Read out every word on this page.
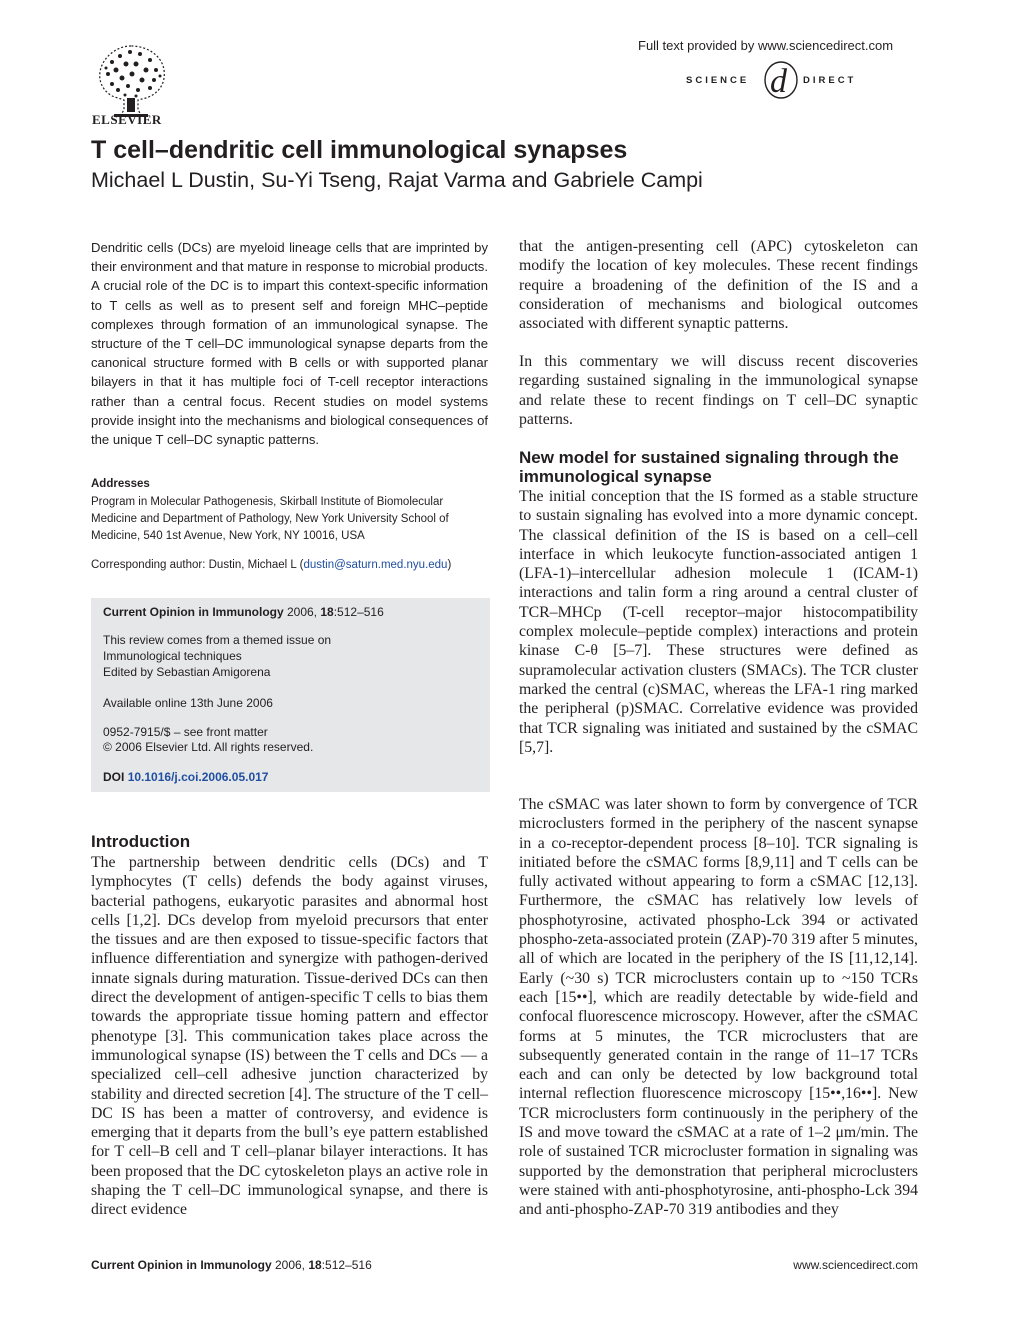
ELSEVIER
Full text provided by www.sciencedirect.com
SCIENCE d DIRECT
T cell–dendritic cell immunological synapses
Michael L Dustin, Su-Yi Tseng, Rajat Varma and Gabriele Campi

Dendritic cells (DCs) are myeloid lineage cells that are imprinted by their environment and that mature in response to microbial products. A crucial role of the DC is to impart this context-specific information to T cells as well as to present self and foreign MHC–peptide complexes through formation of an immunological synapse. The structure of the T cell–DC immunological synapse departs from the canonical structure formed with B cells or with supported planar bilayers in that it has multiple foci of T-cell receptor interactions rather than a central focus. Recent studies on model systems provide insight into the mechanisms and biological consequences of the unique T cell–DC synaptic patterns.

Addresses
Program in Molecular Pathogenesis, Skirball Institute of Biomolecular Medicine and Department of Pathology, New York University School of Medicine, 540 1st Avenue, New York, NY 10016, USA
Corresponding author: Dustin, Michael L (dustin@saturn.med.nyu.edu)
Current Opinion in Immunology 2006, 18:512–516
This review comes from a themed issue on
Immunological techniques
Edited by Sebastian Amigorena
Available online 13th June 2006
0952-7915/$ – see front matter
© 2006 Elsevier Ltd. All rights reserved.
DOI 10.1016/j.coi.2006.05.017
Introduction

The partnership between dendritic cells (DCs) and T lymphocytes (T cells) defends the body against viruses, bacterial pathogens, eukaryotic parasites and abnormal host cells [1,2]. DCs develop from myeloid precursors that enter the tissues and are then exposed to tissue-specific factors that influence differentiation and synergize with pathogen-derived innate signals during maturation. Tissue-derived DCs can then direct the development of antigen-specific T cells to bias them towards the appropriate tissue homing pattern and effector phenotype [3]. This communication takes place across the immunological synapse (IS) between the T cells and DCs — a specialized cell–cell adhesive junction characterized by stability and directed secretion [4]. The structure of the T cell–DC IS has been a matter of controversy, and evidence is emerging that it departs from the bull’s eye pattern established for T cell–B cell and T cell–planar bilayer interactions. It has been proposed that the DC cytoskeleton plays an active role in shaping the T cell–DC immunological synapse, and there is direct evidence

that the antigen-presenting cell (APC) cytoskeleton can modify the location of key molecules. These recent findings require a broadening of the definition of the IS and a consideration of mechanisms and biological outcomes associated with different synaptic patterns.

In this commentary we will discuss recent discoveries regarding sustained signaling in the immunological synapse and relate these to recent findings on T cell–DC synaptic patterns.

New model for sustained signaling through the immunological synapse

The initial conception that the IS formed as a stable structure to sustain signaling has evolved into a more dynamic concept. The classical definition of the IS is based on a cell–cell interface in which leukocyte function-associated antigen 1 (LFA-1)–intercellular adhesion molecule 1 (ICAM-1) interactions and talin form a ring around a central cluster of TCR–MHCp (T-cell receptor–major histocompatibility complex molecule–peptide complex) interactions and protein kinase C-θ [5–7]. These structures were defined as supramolecular activation clusters (SMACs). The TCR cluster marked the central (c)SMAC, whereas the LFA-1 ring marked the peripheral (p)SMAC. Correlative evidence was provided that TCR signaling was initiated and sustained by the cSMAC [5,7].

The cSMAC was later shown to form by convergence of TCR microclusters formed in the periphery of the nascent synapse in a co-receptor-dependent process [8–10]. TCR signaling is initiated before the cSMAC forms [8,9,11] and T cells can be fully activated without appearing to form a cSMAC [12,13]. Furthermore, the cSMAC has relatively low levels of phosphotyrosine, activated phospho-Lck 394 or activated phospho-zeta-associated protein (ZAP)-70 319 after 5 minutes, all of which are located in the periphery of the IS [11,12,14]. Early (~30 s) TCR microclusters contain up to ~150 TCRs each [15••], which are readily detectable by wide-field and confocal fluorescence microscopy. However, after the cSMAC forms at 5 minutes, the TCR microclusters that are subsequently generated contain in the range of 11–17 TCRs each and can only be detected by low background total internal reflection fluorescence microscopy [15••,16••]. New TCR microclusters form continuously in the periphery of the IS and move toward the cSMAC at a rate of 1–2 μm/min. The role of sustained TCR microcluster formation in signaling was supported by the demonstration that peripheral microclusters were stained with anti-phosphotyrosine, anti-phospho-Lck 394 and anti-phospho-ZAP-70 319 antibodies and they

Current Opinion in Immunology 2006, 18:512–516	www.sciencedirect.com
